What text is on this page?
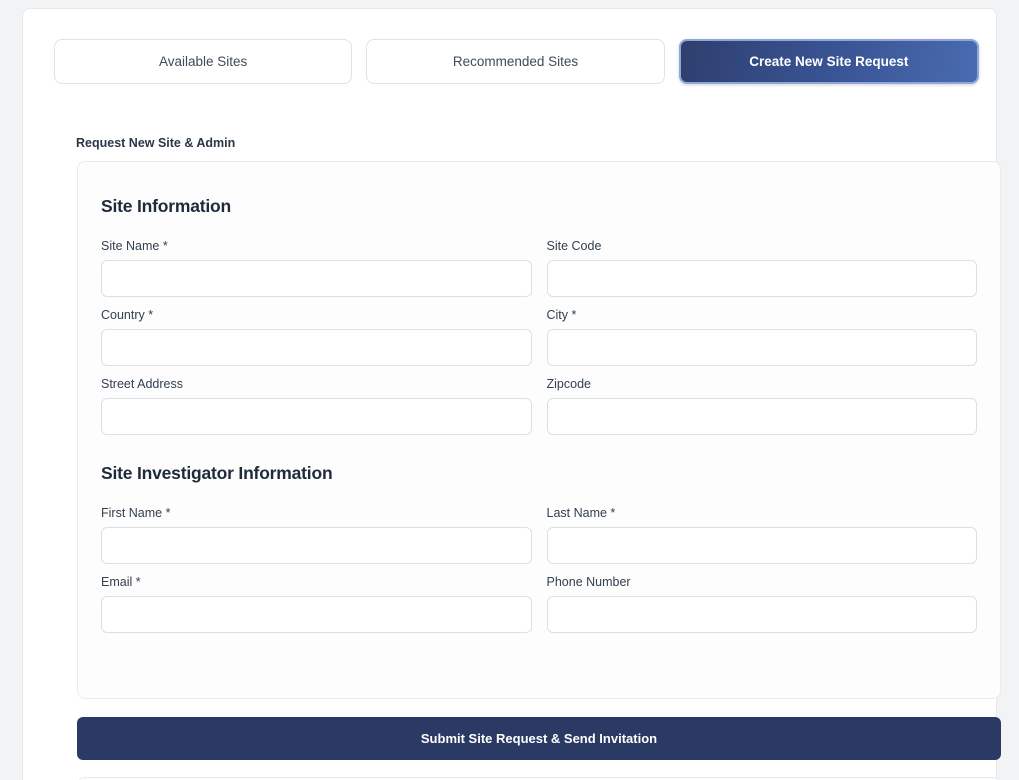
Available Sites	Recommended Sites	Create New Site Request
Request New Site & Admin
Site Information
Site Name *	Site Code
Country *	City *
Street Address	Zipcode
Site Investigator Information
First Name *	Last Name *
Email *	Phone Number
Submit Site Request & Send Invitation
